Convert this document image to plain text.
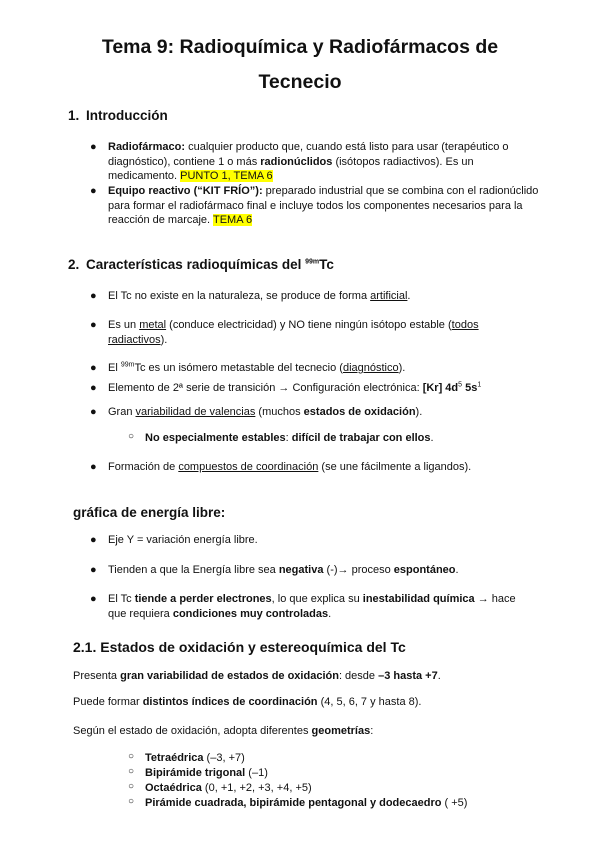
Tema 9: Radioquímica y Radiofármacos de
Tecnecio
1. Introducción
● Radiofármaco: cualquier producto que, cuando está listo para usar (terapéutico o
diagnóstico), contiene 1 o más radionúclidos (isótopos radiactivos). Es un
medicamento. PUNTO 1, TEMA 6
● Equipo reactivo (“KIT FRÍO”): preparado industrial que se combina con el radionúclido
para formar el radiofármaco final e incluye todos los componentes necesarios para la
reacción de marcaje. TEMA 6
2. Características radioquímicas del $^{99m}$Tc
● El Tc no existe en la naturaleza, se produce de forma artificial.
● Es un metal (conduce electricidad) y NO tiene ningún isótopo estable (todos
radiactivos).
● El $^{99m}$Tc es un isómero metastable del tecnecio (diagnóstico).
● Elemento de 2ª serie de transición → Configuración electrónica: [Kr] $4d^5$ $5s^1$
● Gran variabilidad de valencias (muchos estados de oxidación).
○ No especialmente estables: difícil de trabajar con ellos.
● Formación de compuestos de coordinación (se une fácilmente a ligandos).
gráfica de energía libre:
● Eje Y = variación energía libre.
● Tienden a que la Energía libre sea negativa (-)→ proceso espontáneo.
● El Tc tiende a perder electrones, lo que explica su inestabilidad química → hace
que requiera condiciones muy controladas.
2.1. Estados de oxidación y estereoquímica del Tc
Presenta gran variabilidad de estados de oxidación: desde –3 hasta +7.
Puede formar distintos índices de coordinación (4, 5, 6, 7 y hasta 8).
Según el estado de oxidación, adopta diferentes geometrías:
○ Tetraédrica (–3, +7)
○ Bipirámide trigonal (–1)
○ Octaédrica (0, +1, +2, +3, +4, +5)
○ Pirámide cuadrada, bipirámide pentagonal y dodecaedro ( +5)
